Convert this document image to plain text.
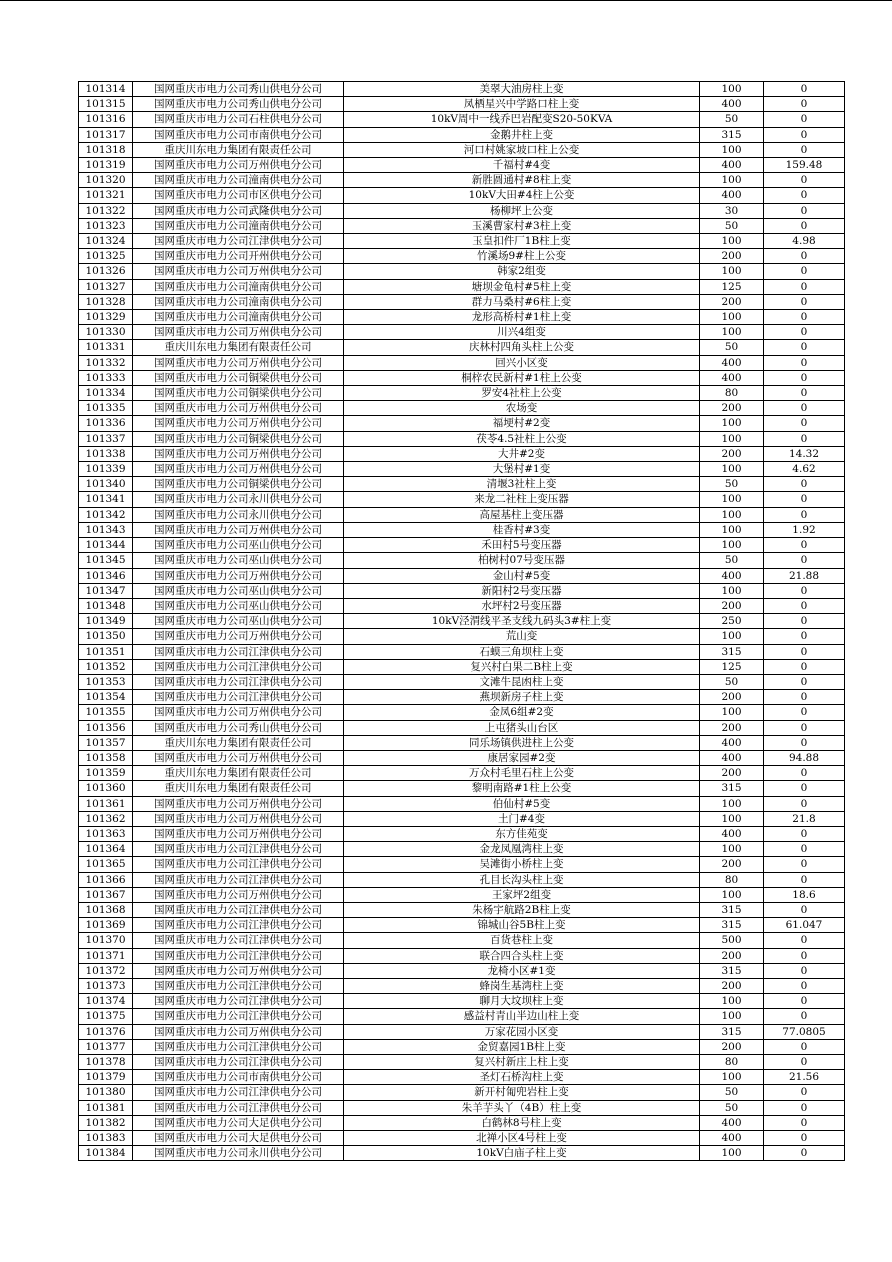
101314	国网重庆市电力公司秀山供电分公司	美翠大油房柱上变	100	0
101315	国网重庆市电力公司秀山供电分公司	凤栖星兴中学路口柱上变	400	0
101316	国网重庆市电力公司石柱供电分公司	10kV周中一线乔巴岩配变S20-50KVA	50	0
101317	国网重庆市电力公司市南供电分公司	金鹅井柱上变	315	0
101318	重庆川东电力集团有限责任公司	河口村姚家坡口柱上公变	100	0
101319	国网重庆市电力公司万州供电分公司	千福村#4变	400	159.48
101320	国网重庆市电力公司潼南供电分公司	新胜圆通村#8柱上变	100	0
101321	国网重庆市电力公司市区供电分公司	10kV大田#4柱上公变	400	0
101322	国网重庆市电力公司武隆供电分公司	杨柳坪上公变	30	0
101323	国网重庆市电力公司潼南供电分公司	玉溪曹家村#3柱上变	50	0
101324	国网重庆市电力公司江津供电分公司	玉皇扣件厂1B柱上变	100	4.98
101325	国网重庆市电力公司开州供电分公司	竹溪场9#柱上公变	200	0
101326	国网重庆市电力公司万州供电分公司	韩家2组变	100	0
101327	国网重庆市电力公司潼南供电分公司	塘坝金龟村#5柱上变	125	0
101328	国网重庆市电力公司潼南供电分公司	群力马桑村#6柱上变	200	0
101329	国网重庆市电力公司潼南供电分公司	龙形高桥村#1柱上变	100	0
101330	国网重庆市电力公司万州供电分公司	川兴4组变	100	0
101331	重庆川东电力集团有限责任公司	庆林村四角头柱上公变	50	0
101332	国网重庆市电力公司万州供电分公司	回兴小区变	400	0
101333	国网重庆市电力公司铜梁供电分公司	桐梓农民新村#1柱上公变	400	0
101334	国网重庆市电力公司铜梁供电分公司	罗安4社柱上公变	80	0
101335	国网重庆市电力公司万州供电分公司	农场变	200	0
101336	国网重庆市电力公司万州供电分公司	福埂村#2变	100	0
101337	国网重庆市电力公司铜梁供电分公司	茯苓4.5社柱上公变	100	0
101338	国网重庆市电力公司万州供电分公司	大井#2变	200	14.32
101339	国网重庆市电力公司万州供电分公司	大堡村#1变	100	4.62
101340	国网重庆市电力公司铜梁供电分公司	清堰3社柱上变	50	0
101341	国网重庆市电力公司永川供电分公司	来龙二社柱上变压器	100	0
101342	国网重庆市电力公司永川供电分公司	高屋基柱上变压器	100	0
101343	国网重庆市电力公司万州供电分公司	桂香村#3变	100	1.92
101344	国网重庆市电力公司巫山供电分公司	禾田村5号变压器	100	0
101345	国网重庆市电力公司巫山供电分公司	柏树村07号变压器	50	0
101346	国网重庆市电力公司万州供电分公司	金山村#5变	400	21.88
101347	国网重庆市电力公司巫山供电分公司	新阳村2号变压器	100	0
101348	国网重庆市电力公司巫山供电分公司	水坪村2号变压器	200	0
101349	国网重庆市电力公司巫山供电分公司	10kV泾渭线平圣支线九码头3#柱上变	250	0
101350	国网重庆市电力公司万州供电分公司	荒山变	100	0
101351	国网重庆市电力公司江津供电分公司	石蟆三角坝柱上变	315	0
101352	国网重庆市电力公司江津供电分公司	复兴村白果二B柱上变	125	0
101353	国网重庆市电力公司江津供电分公司	文滩牛昆凼柱上变	50	0
101354	国网重庆市电力公司江津供电分公司	燕坝新房子柱上变	200	0
101355	国网重庆市电力公司万州供电分公司	金凤6组#2变	100	0
101356	国网重庆市电力公司秀山供电分公司	上屯猪头山台区	200	0
101357	重庆川东电力集团有限责任公司	同乐场镇供进柱上公变	400	0
101358	国网重庆市电力公司万州供电分公司	康居家园#2变	400	94.88
101359	重庆川东电力集团有限责任公司	万众村毛里石柱上公变	200	0
101360	重庆川东电力集团有限责任公司	黎明南路#1柱上公变	315	0
101361	国网重庆市电力公司万州供电分公司	伯仙村#5变	100	0
101362	国网重庆市电力公司万州供电分公司	土门#4变	100	21.8
101363	国网重庆市电力公司万州供电分公司	东方佳苑变	400	0
101364	国网重庆市电力公司江津供电分公司	金龙凤凰湾柱上变	100	0
101365	国网重庆市电力公司江津供电分公司	吴滩街小桥柱上变	200	0
101366	国网重庆市电力公司江津供电分公司	孔目长沟头柱上变	80	0
101367	国网重庆市电力公司万州供电分公司	王家坪2组变	100	18.6
101368	国网重庆市电力公司江津供电分公司	朱杨宇航路2B柱上变	315	0
101369	国网重庆市电力公司江津供电分公司	锦城山谷5B柱上变	315	61.047
101370	国网重庆市电力公司江津供电分公司	百货巷柱上变	500	0
101371	国网重庆市电力公司江津供电分公司	联合四合头柱上变	200	0
101372	国网重庆市电力公司万州供电分公司	龙椅小区#1变	315	0
101373	国网重庆市电力公司江津供电分公司	蜂岗生基湾柱上变	200	0
101374	国网重庆市电力公司江津供电分公司	聊月大坟坝柱上变	100	0
101375	国网重庆市电力公司江津供电分公司	感益村青山半边山柱上变	100	0
101376	国网重庆市电力公司万州供电分公司	万家花园小区变	315	77.0805
101377	国网重庆市电力公司江津供电分公司	金贸嘉园1B柱上变	200	0
101378	国网重庆市电力公司江津供电分公司	复兴村新庄上柱上变	80	0
101379	国网重庆市电力公司市南供电分公司	圣灯石桥沟柱上变	100	21.56
101380	国网重庆市电力公司江津供电分公司	新开村匍兜岩柱上变	50	0
101381	国网重庆市电力公司江津供电分公司	朱羊芋头丫（4B）柱上变	50	0
101382	国网重庆市电力公司大足供电分公司	白鹤林8号柱上变	400	0
101383	国网重庆市电力公司大足供电分公司	北禅小区4号柱上变	400	0
101384	国网重庆市电力公司永川供电分公司	10kV白庙子柱上变	100	0
